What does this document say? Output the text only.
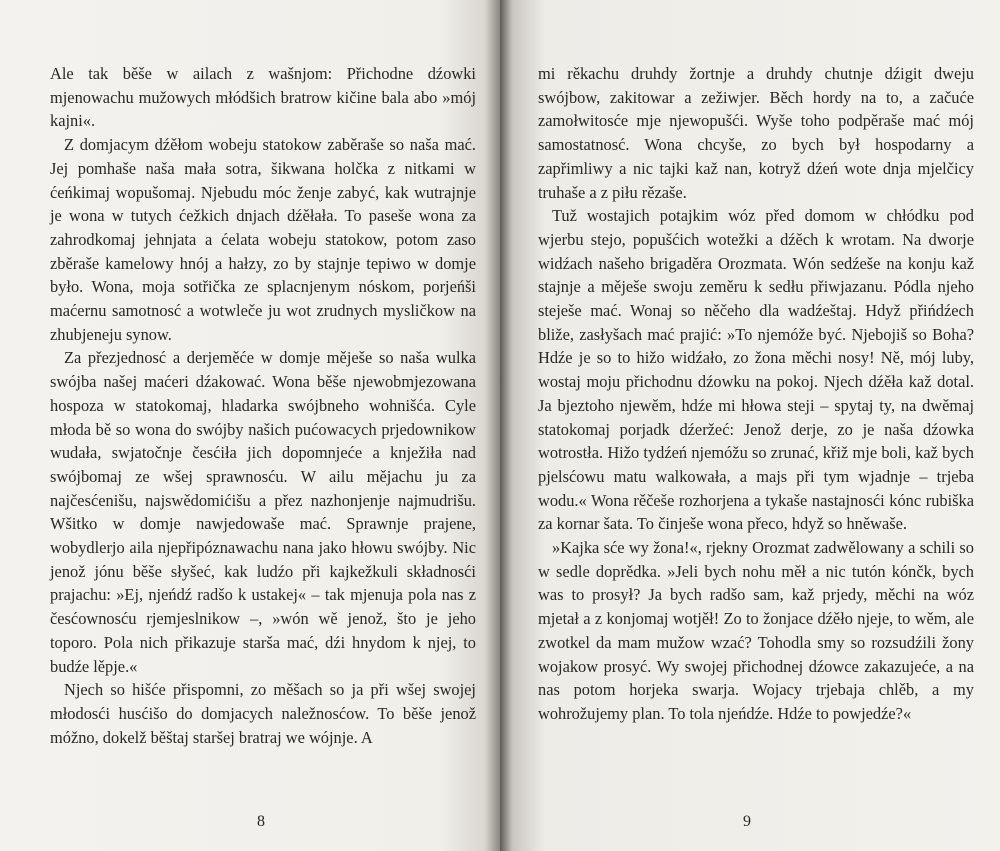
Ale tak běše w ailach z wašnjom: Přichodne dźowki mjenowachu mužowych młódšich bratrow kičine bala abo »mój kajni«.

Z domjacym dźěłom wobeju statokow zaběraše so naša mać. Jej pomhaše naša mała sotra, šikwana holčka z nitkami w ćeńkimaj wopušomaj. Njebudu móc ženje zabyć, kak wutrajnje je wona w tutych ćežkich dnjach dźěłała. To paseše wona za zahrodkomaj jehnjata a ćelata wobeju statokow, potom zaso zběraše kamelowy hnój a hałzy, zo by stajnje tepiwo w domje było. Wona, moja sotřička ze splacnjenym nóskom, porjeńši maćernu samotnosć a wotwleče ju wot zrudnych mysličkow na zhubjeneju synow.

Za přezjednosć a derjeměće w domje měješe so naša wulka swójba našej maćeri dźakować. Wona běše njewobmjezowana hospoza w statokomaj, hladarka swójbneho wohnišća. Cyle młoda bě so wona do swójby našich pućowacych prjedownikow wudała, swjatočnje česćiła jich dopomnjeće a knježiła nad swójbomaj ze wšej sprawnosću. W ailu mějachu ju za najčesćenišu, najswědomićišu a přez nazhonjenje najmudrišu. Wšitko w domje nawjedowaše mać. Sprawnje prajene, wobydlerjo aila njepřipóznawachu nana jako hłowu swójby. Nic jenož jónu běše słyšeć, kak ludźo při kajkežkuli składnosći prajachu: »Ej, njeńdź radšo k ustakej« – tak mjenuja pola nas z česćownosću rjemjeslnikow –, »wón wě jenož, što je jeho toporo. Pola nich přikazuje starša mać, dźi hnydom k njej, to budźe lěpje.«

Njech so hišće přispomni, zo měšach so ja při wšej swojej młodosći husćišo do domjacych naležnosćow. To běše jenož móžno, dokelž běštaj staršej bratraj we wójnje. A

8

mi rěkachu druhdy žortnje a druhdy chutnje dźigit dweju swójbow, zakitowar a zežiwjer. Běch hordy na to, a začuće zamołwitosće mje njewopušći. Wyše toho podpěraše mać mój samostatnosć. Wona chcyše, zo bych był hospodarny a zapřimliwy a nic tajki kaž nan, kotryž dźeń wote dnja mjelčicy truhaše a z piłu rězaše.

Tuž wostajich potajkim wóz před domom w chłódku pod wjerbu stejo, popušćich wotežki a dźěch k wrotam. Na dworje widźach našeho brigaděra Orozmata. Wón sedźeše na konju kaž stajnje a měješe swoju zeměru k sedłu přiwjazanu. Pódla njeho steješe mać. Wonaj so něčeho dla wadźeštaj. Hdyž přińdźech bliže, zasłyšach mać prajić: »To njemóže być. Njebojiš so Boha? Hdźe je so to hižo widźało, zo žona měchi nosy! Ně, mój luby, wostaj moju přichodnu dźowku na pokoj. Njech dźěła kaž dotal. Ja bjeztoho njewěm, hdźe mi hłowa steji – spytaj ty, na dwěmaj statokomaj porjadk dźeržeć: Jenož derje, zo je naša dźowka wotrostła. Hižo tydźeń njemóžu so zrunać, křiž mje boli, kaž bych pjelsćowu matu walkowała, a majs při tym wjadnje – trjeba wodu.« Wona rěčeše rozhorjena a tykaše nastajnosći kónc rubiška za kornar šata. To činješe wona přeco, hdyž so hněwaše.

»Kajka sće wy žona!«, rjekny Orozmat zadwělowany a schili so w sedle doprědka. »Jeli bych nohu měł a nic tutón kónčk, bych was to prosył? Ja bych radšo sam, kaž prjedy, měchi na wóz mjetał a z konjomaj wotjěł! Zo to žonjace dźěło njeje, to wěm, ale zwotkel da mam mužow wzać? Tohodla smy so rozsudźili žony wojakow prosyć. Wy swojej přichodnej dźowce zakazujeće, a na nas potom horjeka swarja. Wojacy trjebaja chlěb, a my wohrožujemy plan. To tola njeńdźe. Hdźe to powjedźe?«

9
